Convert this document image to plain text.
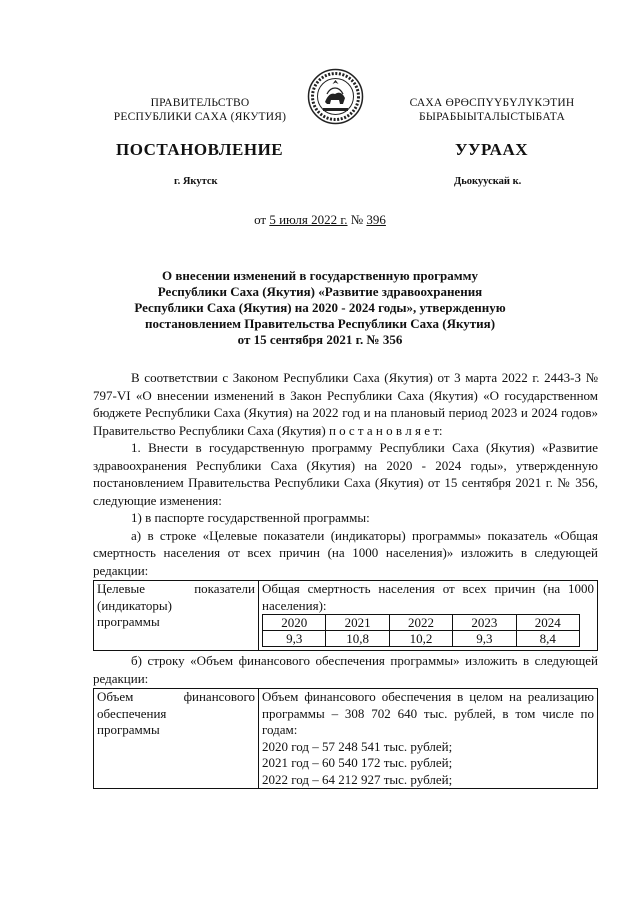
ПРАВИТЕЛЬСТВО
РЕСПУБЛИКИ САХА (ЯКУТИЯ)
САХА ӨРӨСПҮҮБҮЛҮКЭТИН
БЫРАБЫЫТАЛЫСТЫБАТА
ПОСТАНОВЛЕНИЕ	УУРААХ
г. Якутск	Дьокуускай к.
от 5 июля 2022 г. № 396
О внесении изменений в государственную программу
Республики Саха (Якутия) «Развитие здравоохранения
Республики Саха (Якутия) на 2020 - 2024 годы», утвержденную
постановлением Правительства Республики Саха (Якутия)
от 15 сентября 2021 г. № 356

В соответствии с Законом Республики Саха (Якутия) от 3 марта 2022 г. 2443-З № 797-VI «О внесении изменений в Закон Республики Саха (Якутия) «О государственном бюджете Республики Саха (Якутия) на 2022 год и на плановый период 2023 и 2024 годов» Правительство Республики Саха (Якутия) п о с т а н о в л я е т:

1. Внести в государственную программу Республики Саха (Якутия) «Развитие здравоохранения Республики Саха (Якутия) на 2020 - 2024 годы», утвержденную постановлением Правительства Республики Саха (Якутия) от 15 сентября 2021 г. № 356, следующие изменения:

1) в паспорте государственной программы:

а) в строке «Целевые показатели (индикаторы) программы» показатель «Общая смертность населения от всех причин (на 1000 населения)» изложить в следующей редакции:

Целевые	показатели
(индикаторы)
программы

Общая смертность населения от всех причин (на 1000 населения):
2020	2021	2022	2023	2024
9,3	10,8	10,2	9,3	8,4

б) строку «Объем финансового обеспечения программы» изложить в следующей редакции:

Объем	финансового
обеспечения
программы

Объем финансового обеспечения в целом на реализацию программы – 308 702 640 тыс. рублей, в том числе по годам:
2020 год – 57 248 541 тыс. рублей;
2021 год – 60 540 172 тыс. рублей;
2022 год – 64 212 927 тыс. рублей;
